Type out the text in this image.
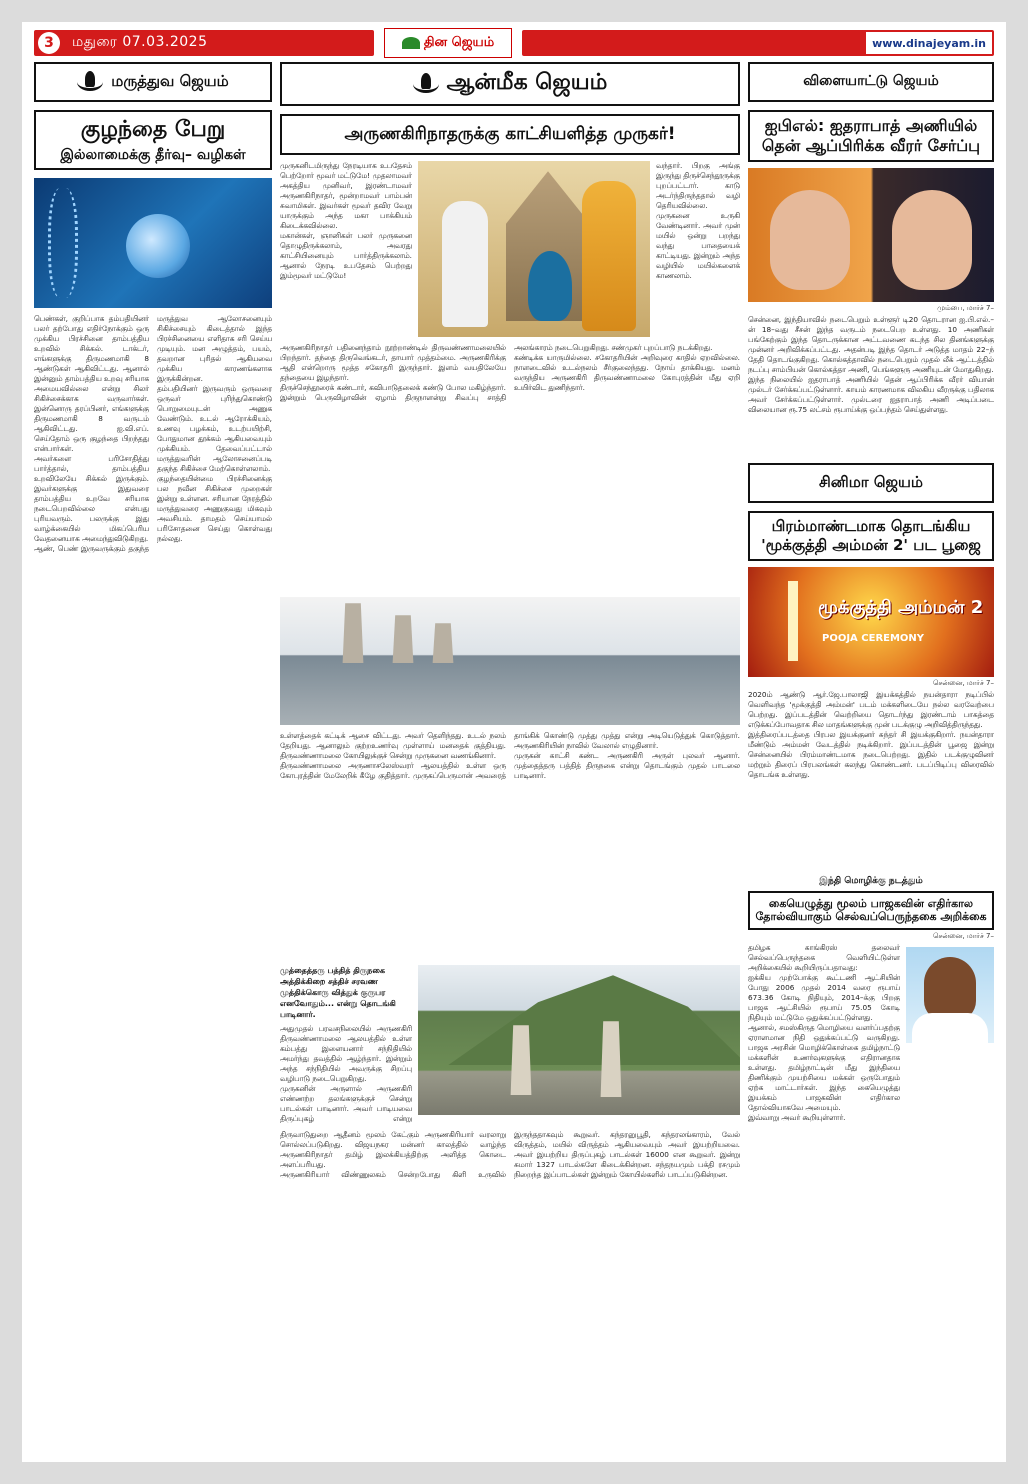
3	மதுரை 07.03.2025	தின ஜெயம்	www.dinajeyam.in
மருத்துவ ஜெயம்
குழந்தை பேறு
இல்லாமைக்கு தீர்வு– வழிகள்
பெண்கள், குறிப்பாக தம்பதியினர் பலர் தற்போது எதிர்நோக்கும் ஒரு முக்கிய பிரச்சினை தாம்பத்திய உறவில் சிக்கல். டாக்டர், எங்களுக்கு திருமணமாகி 8 ஆண்டுகள் ஆகிவிட்டது. ஆனால் இன்னும் தாம்பத்திய உறவு சரியாக அமையவில்லை என்று சிலர் சிகிச்சைக்காக வருவார்கள். இன்னொரு தரப்பினர், எங்களுக்கு திருமணமாகி 8 வருடம் ஆகிவிட்டது. ஐ.வி.எப். செய்தோம் ஒரு குழந்தை பிறந்தது என்பார்கள்.
அவர்களை பரிசோதித்து பார்த்தால், தாம்பத்திய உறவிலேயே சிக்கல் இருக்கும். இவர்களுக்கு இதுவரை தாம்பத்திய உறவே சரியாக நடைபெறவில்லை என்பது புரியவரும். பலருக்கு இது வாழ்க்கையில் மிகப்பெரிய வேதனையாக அமைந்துவிடுகிறது.
ஆண், பெண் இருவருக்கும் தகுந்த மருத்துவ ஆலோசனையும் சிகிச்சையும் கிடைத்தால் இந்த பிரச்சினையை எளிதாக சரி செய்ய முடியும். மன அழுத்தம், பயம், தவறான புரிதல் ஆகியவை முக்கிய காரணங்களாக இருக்கின்றன.
தம்பதியினர் இருவரும் ஒருவரை ஒருவர் புரிந்துகொண்டு பொறுமையுடன் அணுக வேண்டும். உடல் ஆரோக்கியம், உணவு பழக்கம், உடற்பயிற்சி, போதுமான தூக்கம் ஆகியவையும் முக்கியம். தேவைப்பட்டால் மருத்துவரின் ஆலோசனைப்படி தகுந்த சிகிச்சை மேற்கொள்ளலாம்.
குழந்தையின்மை பிரச்சினைக்கு பல நவீன சிகிச்சை முறைகள் இன்று உள்ளன. சரியான நேரத்தில் மருத்துவரை அணுகுவது மிகவும் அவசியம். தாமதம் செய்யாமல் பரிசோதனை செய்து கொள்வது நல்லது.
ஆன்மீக ஜெயம்
அருணகிரிநாதருக்கு காட்சியளித்த முருகர்!
முருகனிடமிருந்து நேரடியாக உபதேசம் பெற்றோர் மூவர் மட்டுமே! முதலாமவர் அகத்திய முனிவர், இரண்டாமவர் அருணகிரிநாதர், மூன்றாமவர் பாம்பன் சுவாமிகள். இவர்கள் மூவர் தவிர வேறு யாருக்கும் அந்த மகா பாக்கியம் கிடைக்கவில்லை.
மகான்கள், ஞானிகள் பலர் முருகனை தொழுதிருக்கலாம், அவரது காட்சியினையும் பார்த்திருக்கலாம். ஆனால் நேரடி உபதேசம் பெற்றது இம்மூவர் மட்டுமே!
வந்தார். பிறகு அங்கு இருந்து திருச்செந்தூருக்கு புறப்பட்டார். காடு அடர்ந்திருந்ததால் வழி தெரியவில்லை. முருகனை உருகி வேண்டினார். அவர் முன் மயில் ஒன்று பறந்து வந்து பாதையைக் காட்டியது. இன்றும் அந்த வழியில் மயில்களைக் காணலாம்.
அருணகிரிநாதர் பதினைந்தாம் நூற்றாண்டில் திருவண்ணாமலையில் பிறந்தார். தந்தை திருவெங்கடர், தாயார் முத்தம்மை. அருணகிரிக்கு ஆதி என்றொரு மூத்த சகோதரி இருந்தார். இளம் வயதிலேயே தந்தையை இழந்தார்.
திருச்செந்தூரைக் கண்டார், கவிபாடுதலைக் கண்டு போல மகிழ்ந்தார். இன்றும் பெருவிழாவின் ஏழாம் திருநாளன்று சிவப்பு சாத்தி அலங்காரம் நடைபெறுகிறது. சண்முகர் புறப்பாடு நடக்கிறது.
கண்டிக்க யாருமில்லை. சகோதரியின் அறிவுரை காதில் ஏறவில்லை. நாளடைவில் உடல்நலம் சீர்குலைந்தது. நோய் தாக்கியது. மனம் வருந்திய அருணகிரி திருவண்ணாமலை கோபுரத்தின் மீது ஏறி உயிர்விட துணிந்தார்.
உள்ளத்தைக் கட்டிக் ஆசை விட்டது. அவர் தெளிந்தது. உடல் நலம் தேறியது. ஆனாலும் குற்றஉணர்வு முள்ளாய் மனதைக் குத்தியது. திருவண்ணாமலை கோயிலுக்குச் சென்று முருகனை வணங்கினார்.
திருவண்ணாமலை அருணாசலேஸ்வரர் ஆலயத்தில் உள்ள ஒரு கோபுரத்தின் மேலேறிக் கீழே குதித்தார். முருகப்பெருமான் அவரைத் தாங்கிக் கொண்டு முத்து முத்து என்று அடியெடுத்துக் கொடுத்தார். அருணகிரியின் நாவில் வேலால் எழுதினார்.
முருகன் காட்சி கண்ட அருணகிரி அருள் புலவர் ஆனார். முத்தைத்தரு பத்தித் திருநகை என்று தொடங்கும் முதல் பாடலை பாடினார்.
முத்தைத்தரு பத்தித் திருநகை அத்திக்கிறை சத்திச் சரவண முத்திக்கொரு வித்துக் குருபர எனவோதும்... என்று தொடங்கி பாடினார்.
அதுமுதல் பரவசநிலையில் அருணகிரி திருவண்ணாமலை ஆலயத்தில் உள்ள கம்பத்து இளையனார் சந்நிதியில் அமர்ந்து தவத்தில் ஆழ்ந்தார். இன்றும் அந்த சந்நிதியில் அவருக்கு சிறப்பு வழிபாடு நடைபெறுகிறது.
முருகனின் அருளால் அருணகிரி எண்ணற்ற தலங்களுக்குச் சென்று பாடல்கள் பாடினார். அவர் பாடியவை திருப்புகழ் என்று
திருவாடுதுறை ஆதீனம் மூலம் கேட்கும் அருணகிரியார் வரலாறு சொல்லப்படுகிறது. விஜயநகர மன்னர் காலத்தில் வாழ்ந்த அருணகிரிநாதர் தமிழ் இலக்கியத்திற்கு அளித்த கொடை அளப்பரியது.
அருணகிரியார் விண்ணுலகம் சென்றபோது கிளி உருவில் இருந்ததாகவும் கூறுவர். கந்தரனுபூதி, கந்தரலங்காரம், வேல் விருத்தம், மயில் விருத்தம் ஆகியவையும் அவர் இயற்றியவை. அவர் இயற்றிய திருப்புகழ் பாடல்கள் 16000 என கூறுவர். இன்று சுமார் 1327 பாடல்களே கிடைக்கின்றன. சந்தநயமும் பக்தி ரசமும் நிறைந்த இப்பாடல்கள் இன்றும் கோயில்களில் பாடப்படுகின்றன.
விளையாட்டு ஜெயம்
ஐபிஎல்: ஐதராபாத் அணியில் தென் ஆப்பிரிக்க வீரர் சேர்ப்பு
மும்பை, மார்ச் 7–
சென்னை, இந்தியாவில் நடைபெறும் உள்ளூர் டி20 தொடரான ஐ.பி.எல்.–ன் 18–வது சீசன் இந்த வருடம் நடைபெற உள்ளது. 10 அணிகள் பங்கேற்கும் இந்த தொடருக்கான அட்டவணை கடந்த சில தினங்களுக்கு முன்னர் அறிவிக்கப்பட்டது. அதன்படி இந்த தொடர் அடுத்த மாதம் 22–ந் தேதி தொடங்குகிறது. கொல்கத்தாவில் நடைபெறும் முதல் லீக் ஆட்டத்தில் நடப்பு சாம்பியன் கொல்கத்தா அணி, பெங்களூரு அணியுடன் மோதுகிறது.
இந்த நிலையில் ஐதராபாத் அணியில் தென் ஆப்பிரிக்க வீரர் வியான் முல்டர் சேர்க்கப்பட்டுள்ளார். காயம் காரணமாக விலகிய வீரருக்கு பதிலாக அவர் சேர்க்கப்பட்டுள்ளார். முல்டரை ஐதராபாத் அணி அடிப்படை விலையான ரூ.75 லட்சம் ரூபாய்க்கு ஒப்பந்தம் செய்துள்ளது.
சினிமா ஜெயம்
பிரம்மாண்டமாக தொடங்கிய 'மூக்குத்தி அம்மன் 2' பட பூஜை
மூக்குத்தி அம்மன் 2
POOJA CEREMONY
சென்னை, மார்ச் 7–
2020ம் ஆண்டு ஆர்.ஜே.பாலாஜி இயக்கத்தில் நயன்தாரா நடிப்பில் வெளிவந்த 'மூக்குத்தி அம்மன்' படம் மக்களிடையே நல்ல வரவேற்பை பெற்றது. இப்படத்தின் வெற்றியை தொடர்ந்து இரண்டாம் பாகத்தை எடுக்கப்போவதாக சில மாதங்களுக்கு முன் படக்குழு அறிவித்திருந்தது.
இத்திரைப்படத்தை பிரபல இயக்குனர் சுந்தர் சி இயக்குகிறார். நயன்தாரா மீண்டும் அம்மன் வேடத்தில் நடிக்கிறார். இப்படத்தின் பூஜை இன்று சென்னையில் பிரம்மாண்டமாக நடைபெற்றது. இதில் படக்குழுவினர் மற்றும் திரைப் பிரபலங்கள் கலந்து கொண்டனர். படப்பிடிப்பு விரைவில் தொடங்க உள்ளது.
இந்தி மொழிக்கு நடத்தும்
கையெழுத்து மூலம் பாஜகவின் எதிர்கால தோல்வியாகும் செல்வப்பெருந்தகை அறிக்கை
சென்னை, மார்ச் 7–
தமிழக காங்கிரஸ் தலைவர் செல்வப்பெருந்தகை வெளியிட்டுள்ள அறிக்கையில் கூறியிருப்பதாவது:
ஐக்கிய முற்போக்கு கூட்டணி ஆட்சியின் போது 2006 முதல் 2014 வரை ரூபாய் 673.36 கோடி நிதியும், 2014–க்கு பிறகு பாஜக ஆட்சியில் ரூபாய் 75.05 கோடி நிதியும் மட்டுமே ஒதுக்கப்பட்டுள்ளது.
ஆனால், சமஸ்கிருத மொழியை வளர்ப்பதற்கு ஏராளமான நிதி ஒதுக்கப்பட்டு வருகிறது. பாஜக அரசின் மொழிக்கொள்கை தமிழ்நாட்டு மக்களின் உணர்வுகளுக்கு எதிரானதாக உள்ளது. தமிழ்நாட்டின் மீது இந்தியை திணிக்கும் முயற்சியை மக்கள் ஒருபோதும் ஏற்க மாட்டார்கள். இந்த கையெழுத்து இயக்கம் பாஜகவின் எதிர்கால தோல்வியாகவே அமையும்.
இவ்வாறு அவர் கூறியுள்ளார்.
